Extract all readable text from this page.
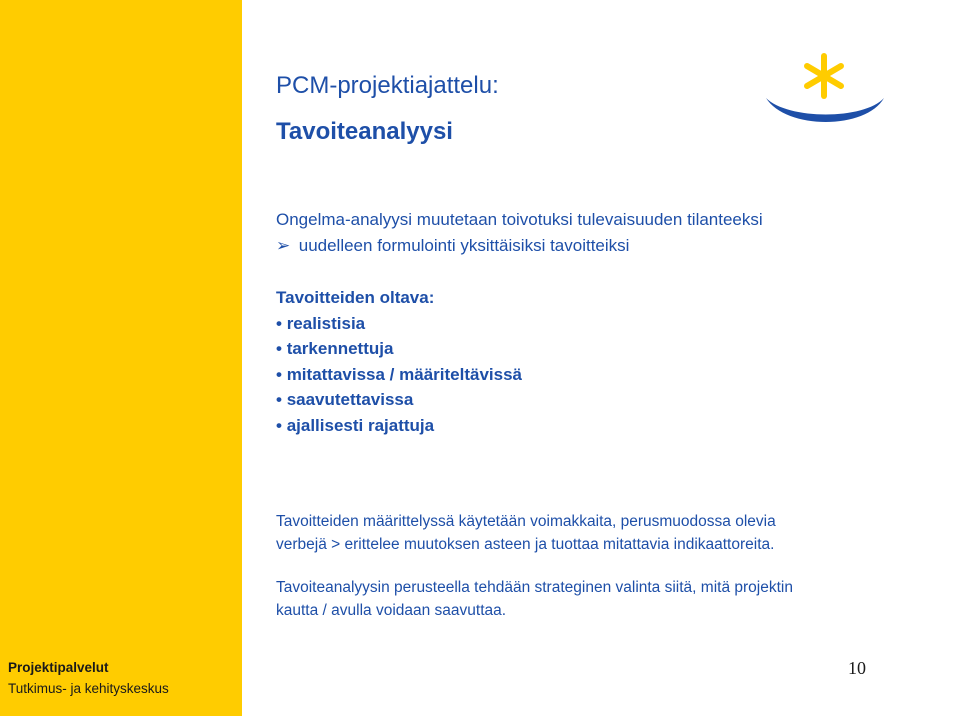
PCM-projektiajattelu:
Tavoiteanalyysi
Ongelma-analyysi muutetaan toivotuksi tulevaisuuden tilanteeksi
➢ uudelleen formulointi yksittäisiksi tavoitteiksi
Tavoitteiden oltava:
• realistisia
• tarkennettuja
• mitattavissa / määriteltävissä
• saavutettavissa
• ajallisesti rajattuja
Tavoitteiden määrittelyssä käytetään voimakkaita, perusmuodossa olevia
verbejä > erittelee muutoksen asteen ja tuottaa mitattavia indikaattoreita.
Tavoiteanalyysin perusteella tehdään strateginen valinta siitä, mitä projektin
kautta / avulla voidaan saavuttaa.
Projektipalvelut
Tutkimus- ja kehityskeskus
10
